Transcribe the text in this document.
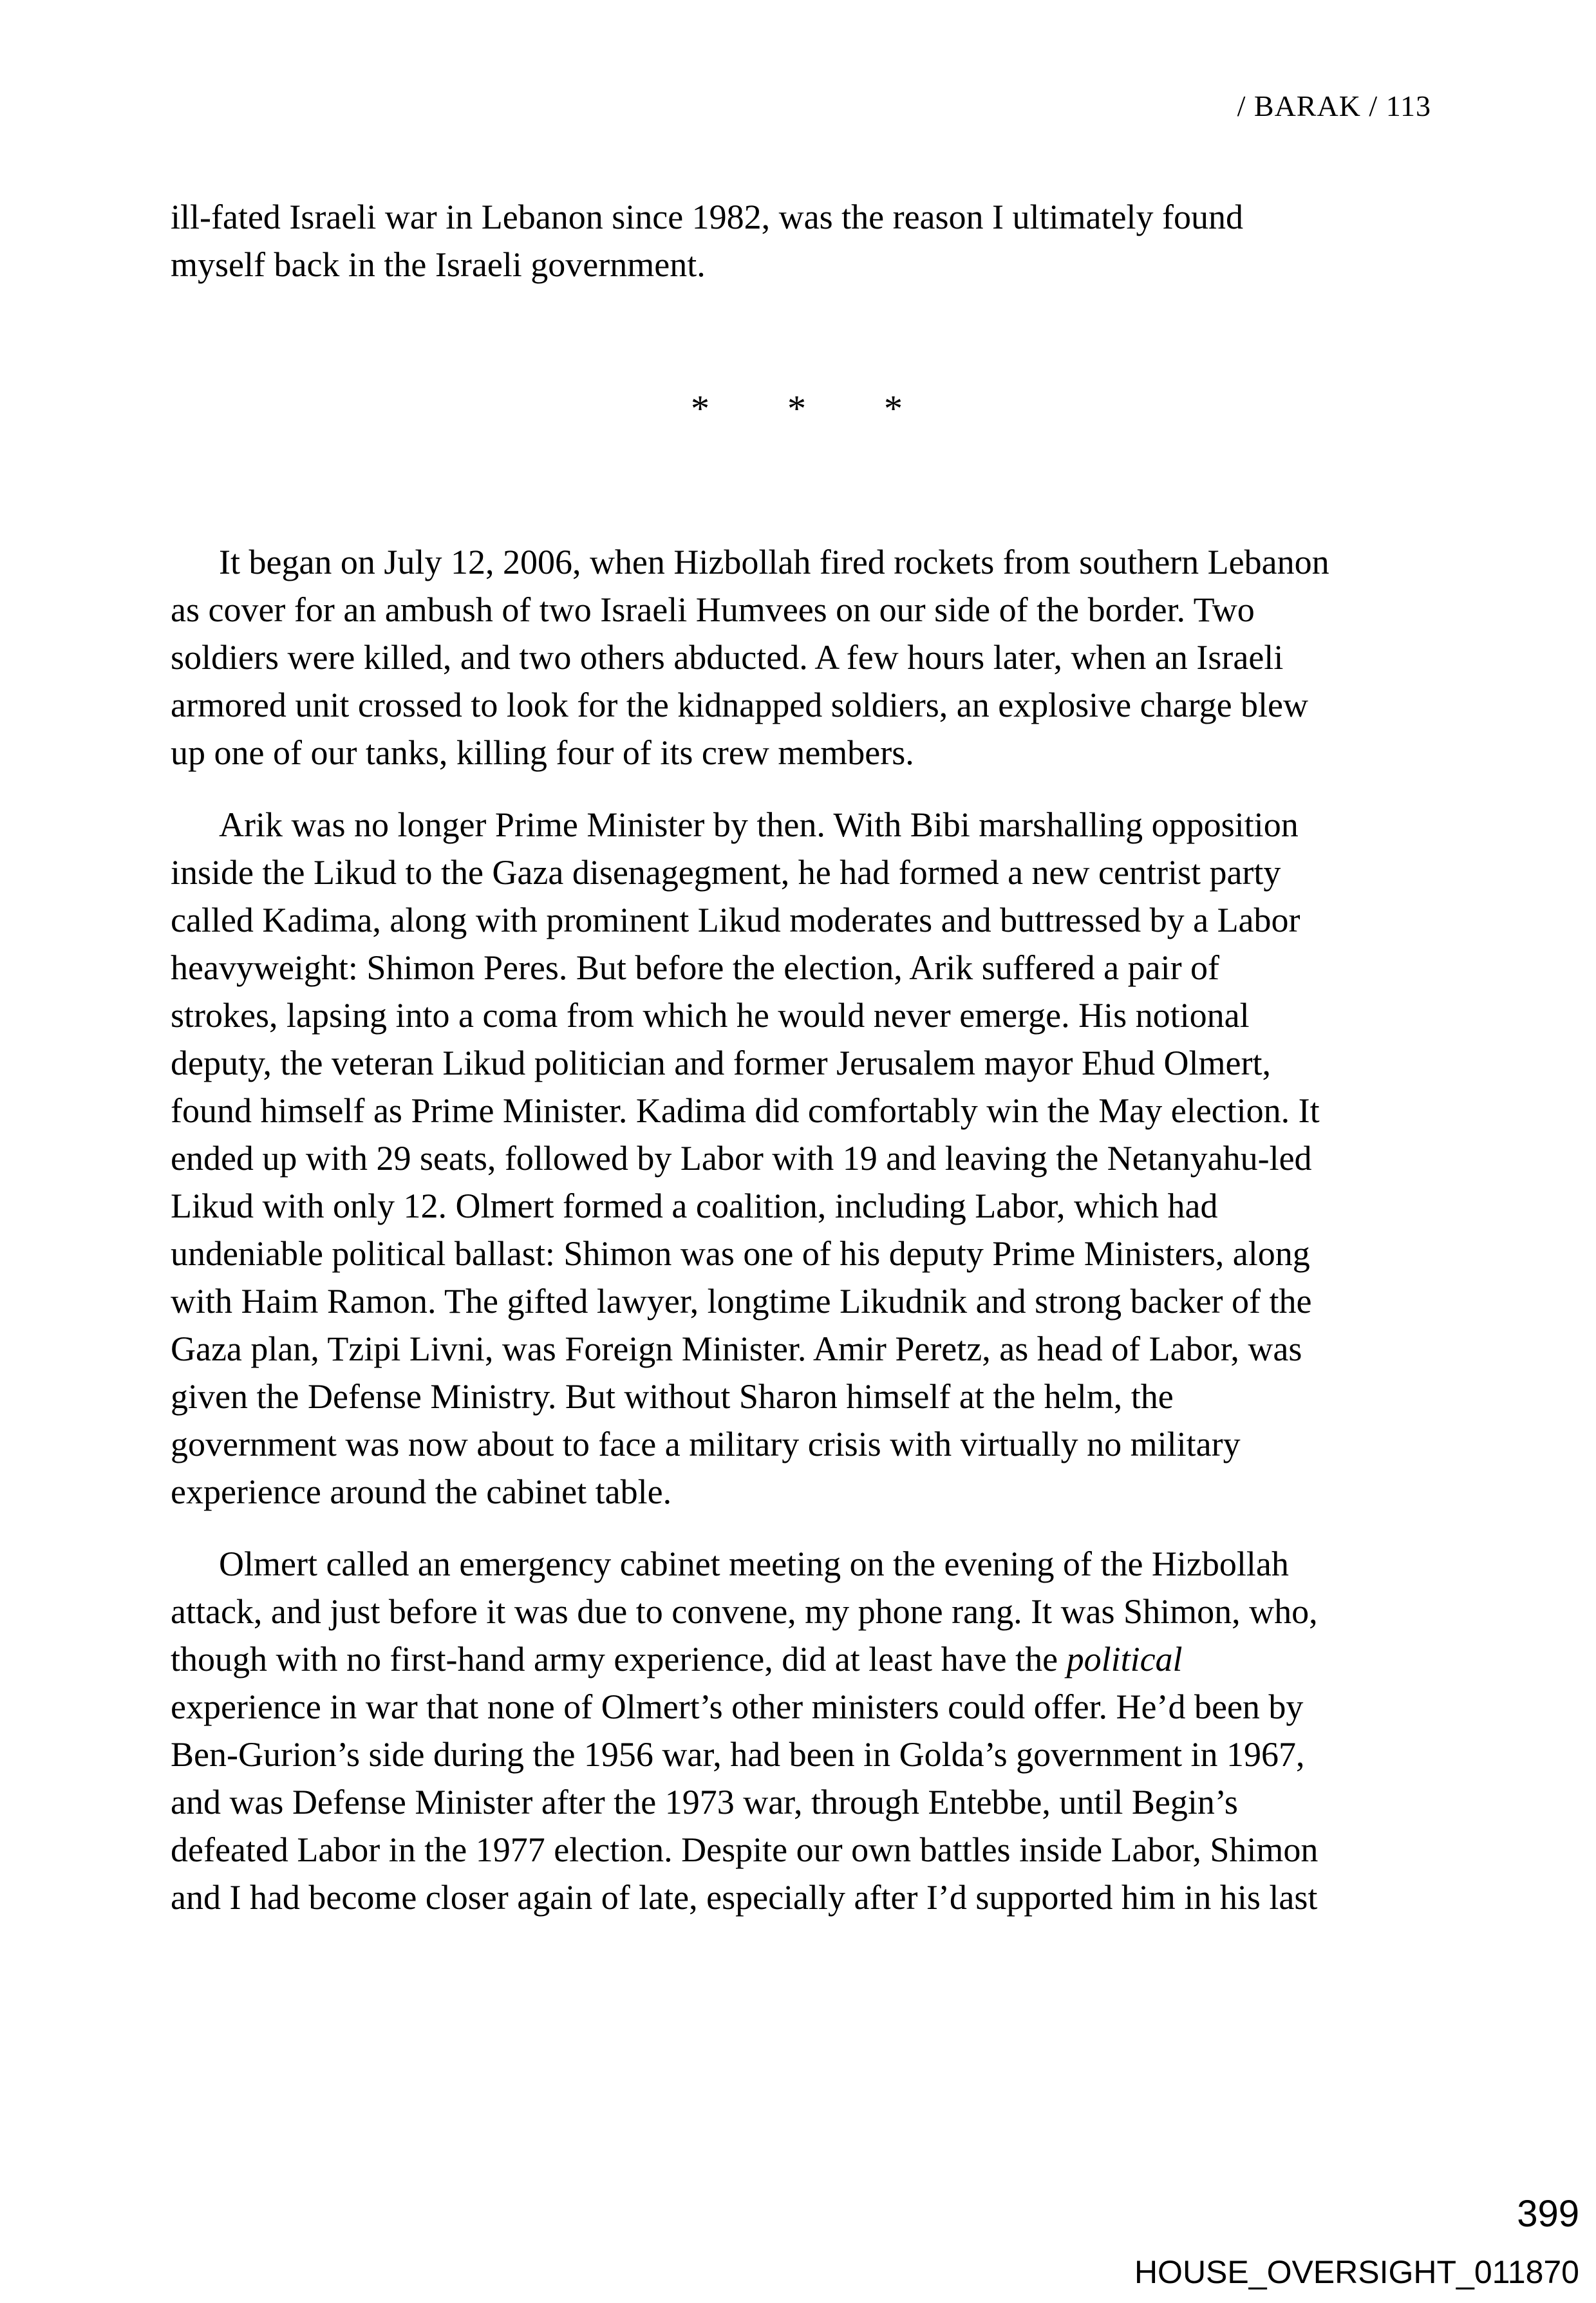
/ BARAK / 113
ill-fated Israeli war in Lebanon since 1982, was the reason I ultimately found
myself back in the Israeli government.
* * *
It began on July 12, 2006, when Hizbollah fired rockets from southern Lebanon
as cover for an ambush of two Israeli Humvees on our side of the border. Two
soldiers were killed, and two others abducted. A few hours later, when an Israeli
armored unit crossed to look for the kidnapped soldiers, an explosive charge blew
up one of our tanks, killing four of its crew members.
Arik was no longer Prime Minister by then. With Bibi marshalling opposition
inside the Likud to the Gaza disenagegment, he had formed a new centrist party
called Kadima, along with prominent Likud moderates and buttressed by a Labor
heavyweight: Shimon Peres. But before the election, Arik suffered a pair of
strokes, lapsing into a coma from which he would never emerge. His notional
deputy, the veteran Likud politician and former Jerusalem mayor Ehud Olmert,
found himself as Prime Minister. Kadima did comfortably win the May election. It
ended up with 29 seats, followed by Labor with 19 and leaving the Netanyahu-led
Likud with only 12. Olmert formed a coalition, including Labor, which had
undeniable political ballast: Shimon was one of his deputy Prime Ministers, along
with Haim Ramon. The gifted lawyer, longtime Likudnik and strong backer of the
Gaza plan, Tzipi Livni, was Foreign Minister. Amir Peretz, as head of Labor, was
given the Defense Ministry. But without Sharon himself at the helm, the
government was now about to face a military crisis with virtually no military
experience around the cabinet table.
Olmert called an emergency cabinet meeting on the evening of the Hizbollah
attack, and just before it was due to convene, my phone rang. It was Shimon, who,
though with no first-hand army experience, did at least have the political
experience in war that none of Olmert’s other ministers could offer. He’d been by
Ben-Gurion’s side during the 1956 war, had been in Golda’s government in 1967,
and was Defense Minister after the 1973 war, through Entebbe, until Begin’s
defeated Labor in the 1977 election. Despite our own battles inside Labor, Shimon
and I had become closer again of late, especially after I’d supported him in his last
399
HOUSE_OVERSIGHT_011870
